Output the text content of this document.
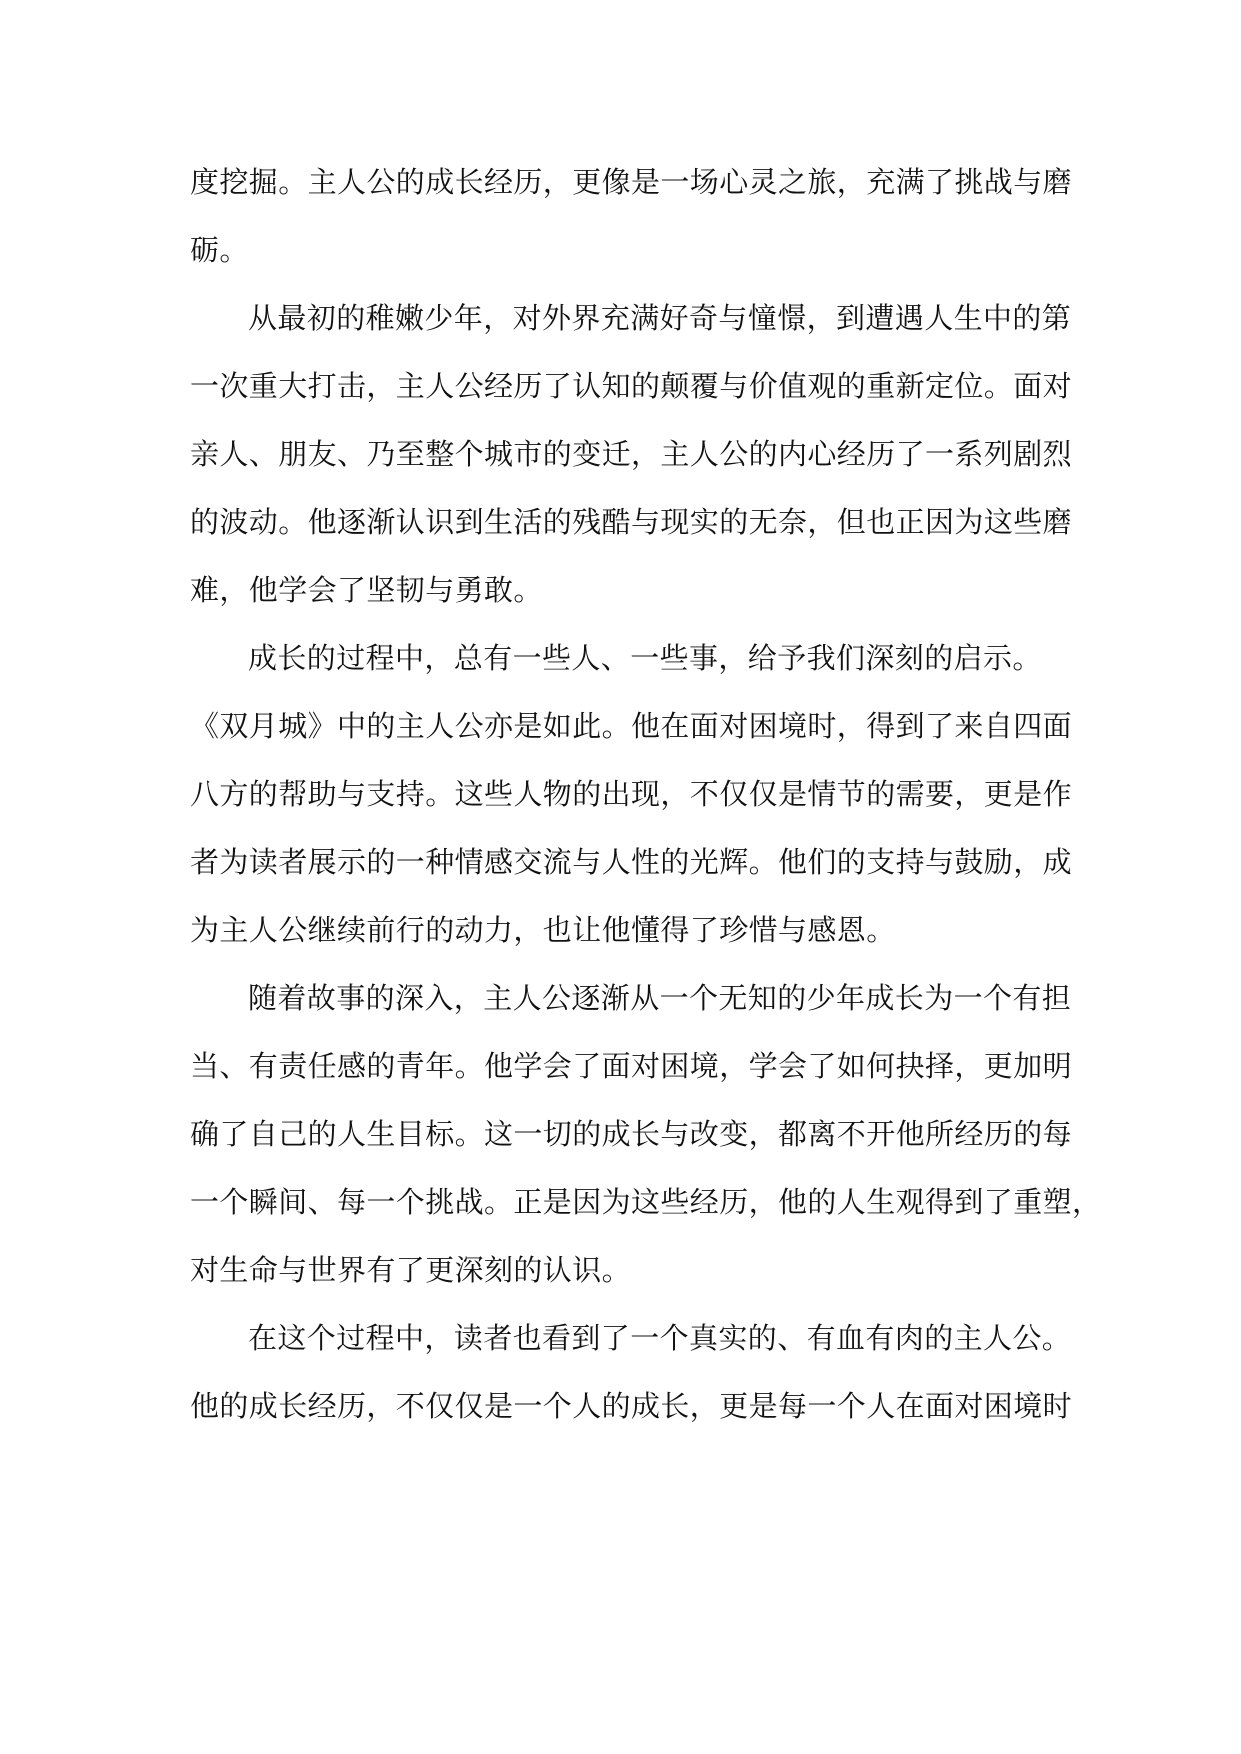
度挖掘。主人公的成长经历，更像是一场心灵之旅，充满了挑战与磨
砺。
从最初的稚嫩少年，对外界充满好奇与憧憬，到遭遇人生中的第
一次重大打击，主人公经历了认知的颠覆与价值观的重新定位。面对
亲人、朋友、乃至整个城市的变迁，主人公的内心经历了一系列剧烈
的波动。他逐渐认识到生活的残酷与现实的无奈，但也正因为这些磨
难，他学会了坚韧与勇敢。
成长的过程中，总有一些人、一些事，给予我们深刻的启示。
《双月城》中的主人公亦是如此。他在面对困境时，得到了来自四面
八方的帮助与支持。这些人物的出现，不仅仅是情节的需要，更是作
者为读者展示的一种情感交流与人性的光辉。他们的支持与鼓励，成
为主人公继续前行的动力，也让他懂得了珍惜与感恩。
随着故事的深入，主人公逐渐从一个无知的少年成长为一个有担
当、有责任感的青年。他学会了面对困境，学会了如何抉择，更加明
确了自己的人生目标。这一切的成长与改变，都离不开他所经历的每
一个瞬间、每一个挑战。正是因为这些经历，他的人生观得到了重塑，
对生命与世界有了更深刻的认识。
在这个过程中，读者也看到了一个真实的、有血有肉的主人公。
他的成长经历，不仅仅是一个人的成长，更是每一个人在面对困境时
